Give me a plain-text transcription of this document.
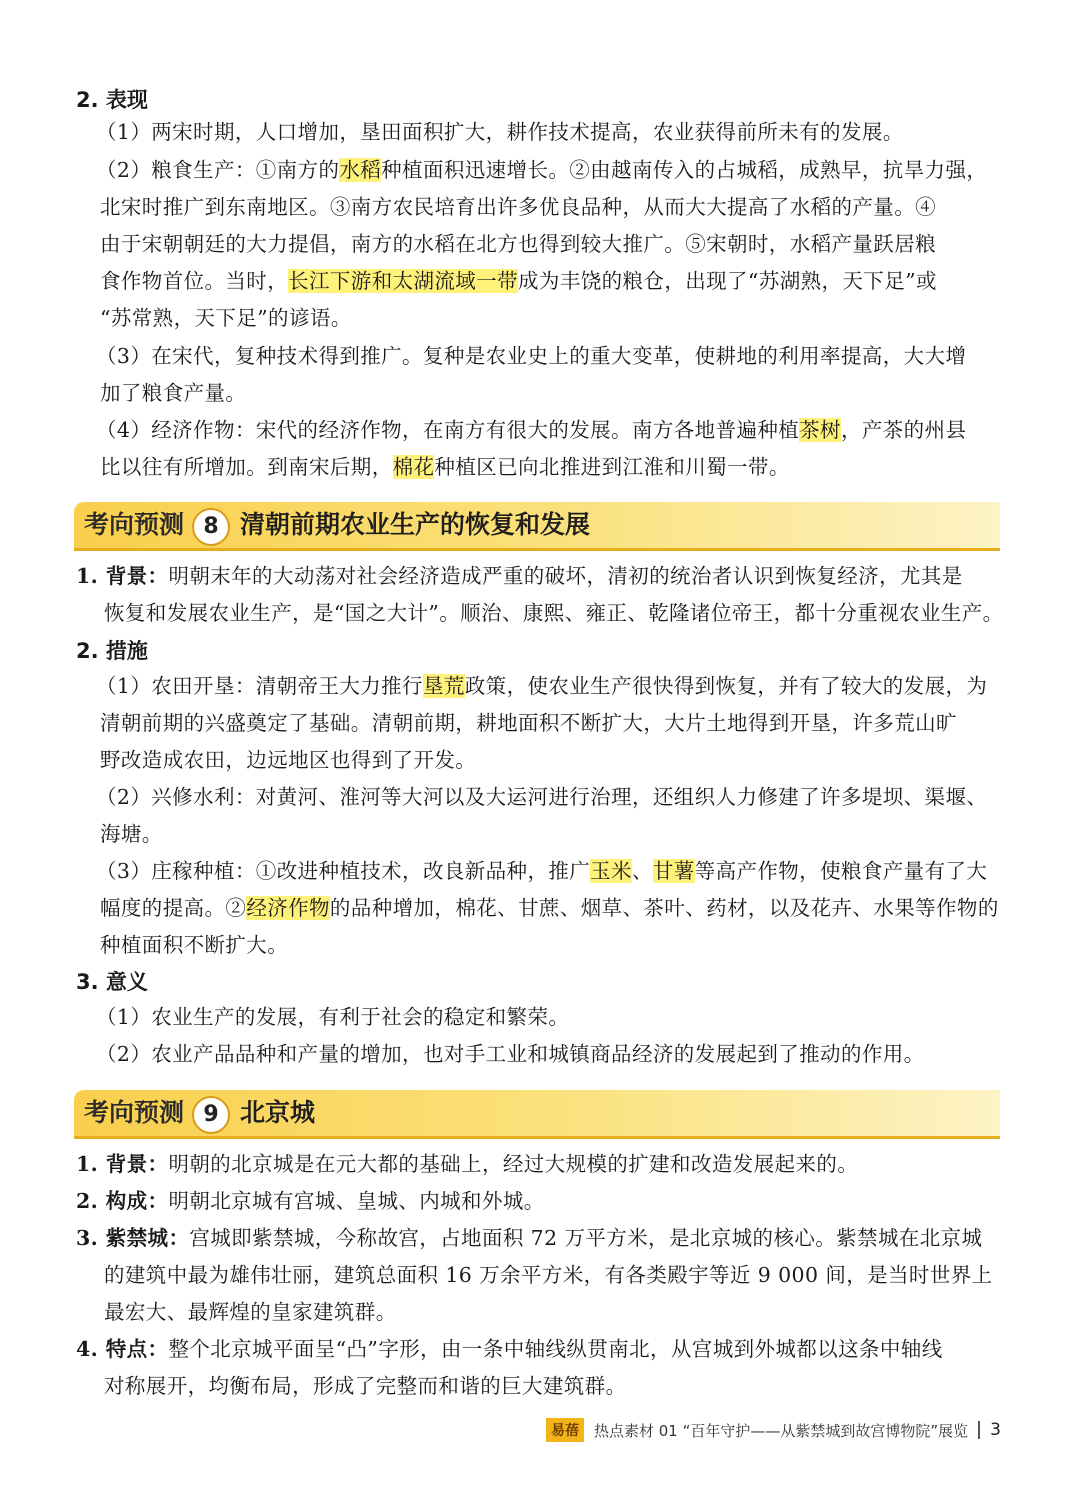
2. 表现
（1）两宋时期，人口增加，垦田面积扩大，耕作技术提高，农业获得前所未有的发展。
（2）粮食生产：①南方的水稻种植面积迅速增长。②由越南传入的占城稻，成熟早，抗旱力强，
北宋时推广到东南地区。③南方农民培育出许多优良品种，从而大大提高了水稻的产量。④
由于宋朝朝廷的大力提倡，南方的水稻在北方也得到较大推广。⑤宋朝时，水稻产量跃居粮
食作物首位。当时，长江下游和太湖流域一带成为丰饶的粮仓，出现了“苏湖熟，天下足”或
“苏常熟，天下足”的谚语。
（3）在宋代，复种技术得到推广。复种是农业史上的重大变革，使耕地的利用率提高，大大增
加了粮食产量。
（4）经济作物：宋代的经济作物，在南方有很大的发展。南方各地普遍种植茶树，产茶的州县
比以往有所增加。到南宋后期，棉花种植区已向北推进到江淮和川蜀一带。
考向预测 8 清朝前期农业生产的恢复和发展
1. 背景：明朝末年的大动荡对社会经济造成严重的破坏，清初的统治者认识到恢复经济，尤其是
恢复和发展农业生产，是“国之大计”。顺治、康熙、雍正、乾隆诸位帝王，都十分重视农业生产。
2. 措施
（1）农田开垦：清朝帝王大力推行垦荒政策，使农业生产很快得到恢复，并有了较大的发展，为
清朝前期的兴盛奠定了基础。清朝前期，耕地面积不断扩大，大片土地得到开垦，许多荒山旷
野改造成农田，边远地区也得到了开发。
（2）兴修水利：对黄河、淮河等大河以及大运河进行治理，还组织人力修建了许多堤坝、渠堰、
海塘。
（3）庄稼种植：①改进种植技术，改良新品种，推广玉米、甘薯等高产作物，使粮食产量有了大
幅度的提高。②经济作物的品种增加，棉花、甘蔗、烟草、茶叶、药材，以及花卉、水果等作物的
种植面积不断扩大。
3. 意义
（1）农业生产的发展，有利于社会的稳定和繁荣。
（2）农业产品品种和产量的增加，也对手工业和城镇商品经济的发展起到了推动的作用。
考向预测 9 北京城
1. 背景：明朝的北京城是在元大都的基础上，经过大规模的扩建和改造发展起来的。
2. 构成：明朝北京城有宫城、皇城、内城和外城。
3. 紫禁城：宫城即紫禁城，今称故宫，占地面积 72 万平方米，是北京城的核心。紫禁城在北京城
的建筑中最为雄伟壮丽，建筑总面积 16 万余平方米，有各类殿宇等近 9 000 间，是当时世界上
最宏大、最辉煌的皇家建筑群。
4. 特点：整个北京城平面呈“凸”字形，由一条中轴线纵贯南北，从宫城到外城都以这条中轴线
对称展开，均衡布局，形成了完整而和谐的巨大建筑群。
易蓓	热点素材 01 “百年守护——从紫禁城到故宫博物院”展览 3
